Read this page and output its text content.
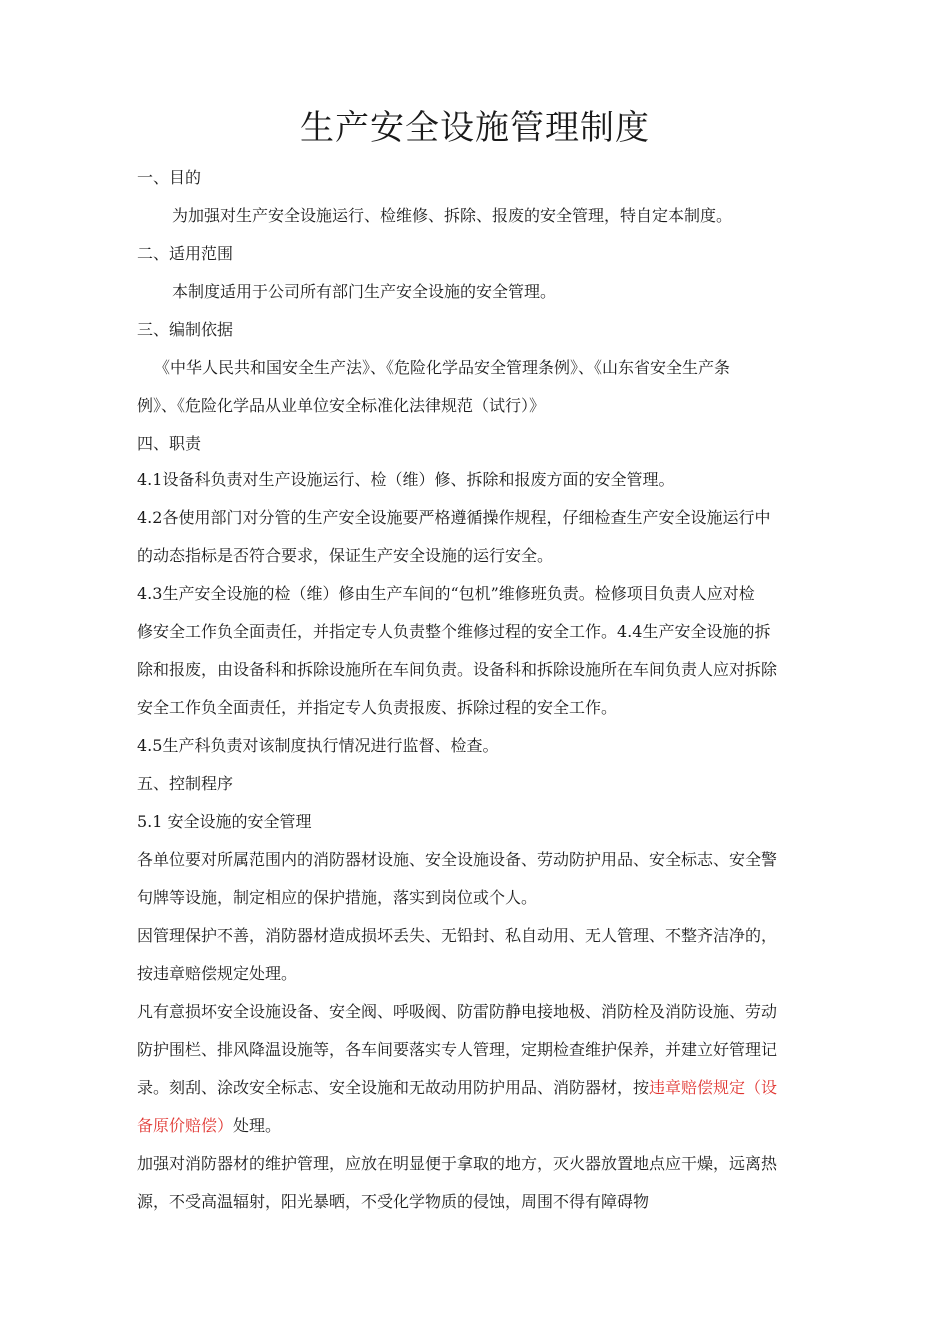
生产安全设施管理制度
一、目的
为加强对生产安全设施运行、检维修、拆除、报废的安全管理，特自定本制度。
二、适用范围
本制度适用于公司所有部门生产安全设施的安全管理。
三、编制依据
《中华人民共和国安全生产法》、《危险化学品安全管理条例》、《山东省安全生产条
例》、《危险化学品从业单位安全标准化法律规范（试行）》
四、职责
4.1设备科负责对生产设施运行、检（维）修、拆除和报废方面的安全管理。
4.2各使用部门对分管的生产安全设施要严格遵循操作规程，仔细检查生产安全设施运行中
的动态指标是否符合要求，保证生产安全设施的运行安全。
4.3生产安全设施的检（维）修由生产车间的“包机”维修班负责。检修项目负责人应对检
修安全工作负全面责任，并指定专人负责整个维修过程的安全工作。4.4生产安全设施的拆
除和报废，由设备科和拆除设施所在车间负责。设备科和拆除设施所在车间负责人应对拆除
安全工作负全面责任，并指定专人负责报废、拆除过程的安全工作。
4.5生产科负责对该制度执行情况进行监督、检查。
五、控制程序
5.1 安全设施的安全管理
各单位要对所属范围内的消防器材设施、安全设施设备、劳动防护用品、安全标志、安全警
句牌等设施，制定相应的保护措施，落实到岗位或个人。
因管理保护不善，消防器材造成损坏丢失、无铅封、私自动用、无人管理、不整齐洁净的，
按违章赔偿规定处理。
凡有意损坏安全设施设备、安全阀、呼吸阀、防雷防静电接地极、消防栓及消防设施、劳动
防护围栏、排风降温设施等，各车间要落实专人管理，定期检查维护保养，并建立好管理记
录。刻刮、涂改安全标志、安全设施和无故动用防护用品、消防器材，按违章赔偿规定（设
备原价赔偿）处理。
加强对消防器材的维护管理，应放在明显便于拿取的地方，灭火器放置地点应干燥，远离热
源，不受高温辐射，阳光暴晒，不受化学物质的侵蚀，周围不得有障碍物
